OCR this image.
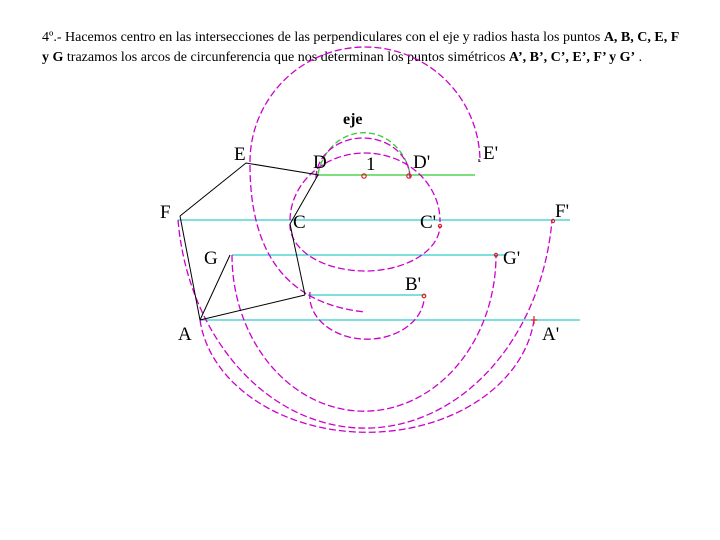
4º.- Hacemos centro en las intersecciones de las perpendiculares con el eje y radios hasta los puntos A, B, C, E, F y G trazamos los arcos de circunferencia que nos determinan los puntos simétricos A’, B’, C’, E’, F’ y G’ .
eje
1
E	D	D'	E'
F	C	C'
F'
G	G'
B'
A	A'
